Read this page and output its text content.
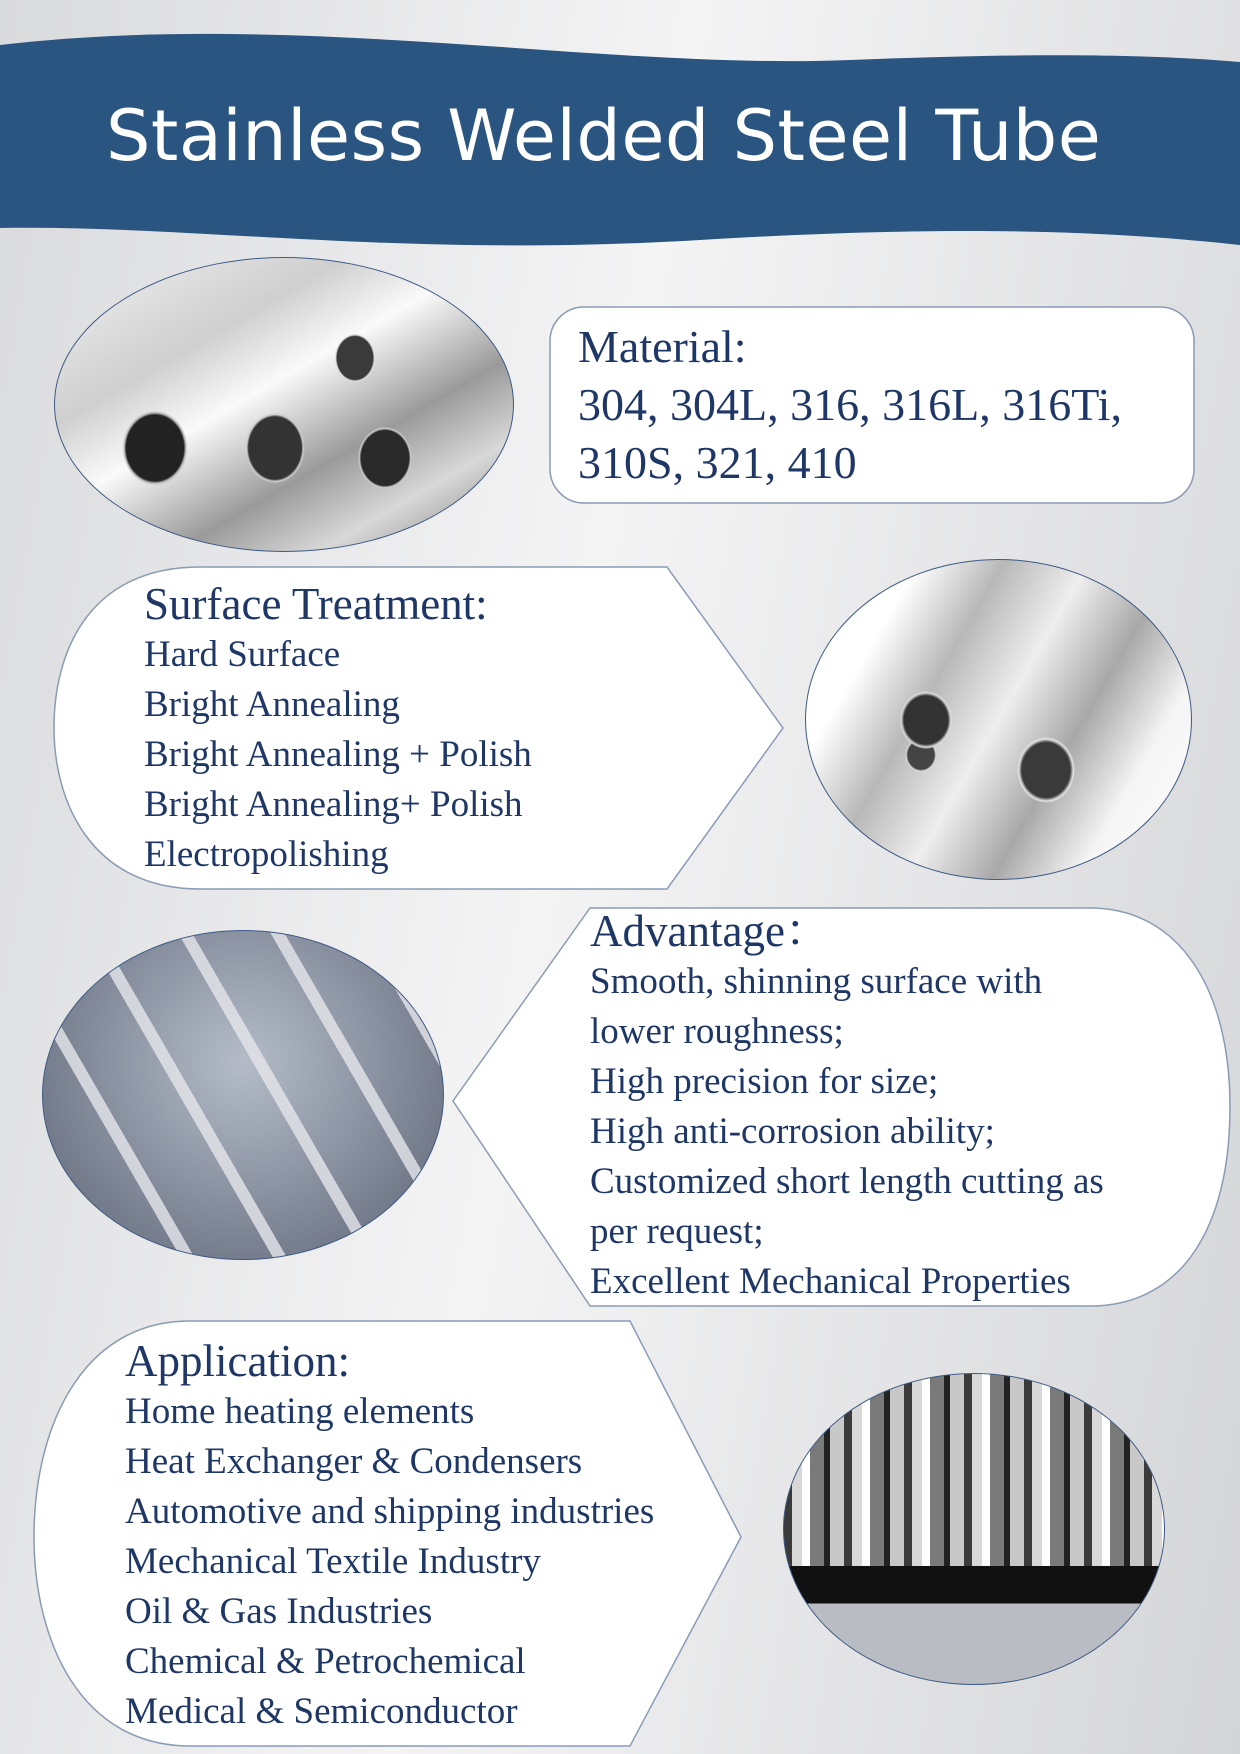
Stainless Welded Steel Tube
Material:
304, 304L, 316, 316L, 316Ti,
310S, 321, 410
Surface Treatment:
Hard Surface
Bright Annealing
Bright Annealing + Polish
Bright Annealing+ Polish
Electropolishing
Advantage：
Smooth, shinning surface with
lower roughness;
High precision for size;
High anti-corrosion ability;
Customized short length cutting as
per request;
Excellent Mechanical Properties
Application:
Home heating elements
Heat Exchanger & Condensers
Automotive and shipping industries
Mechanical Textile Industry
Oil & Gas Industries
Chemical & Petrochemical
Medical & Semiconductor
